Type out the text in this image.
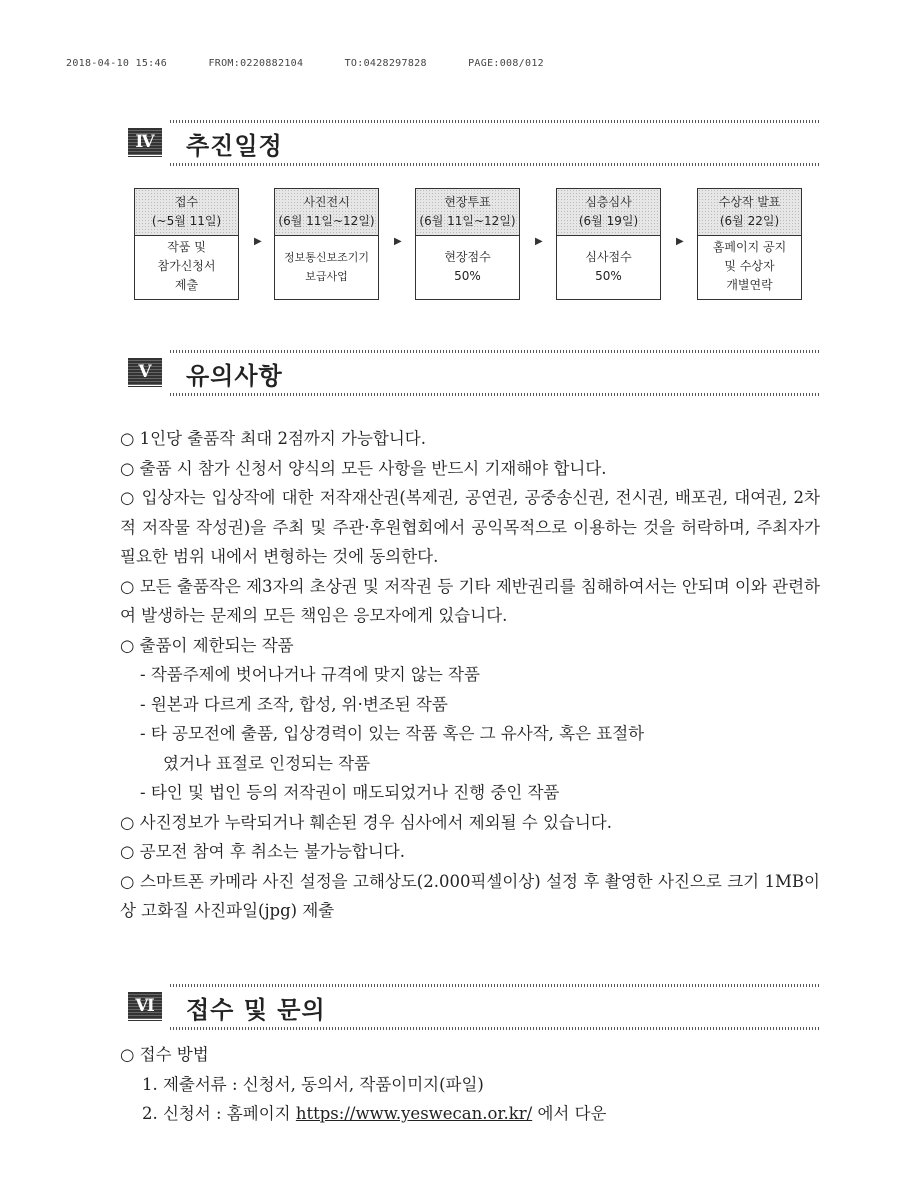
2018-04-10 15:46	FROM:0220882104	TO:0428297828	PAGE:008/012
Ⅳ	추진일정
접수
(~5월 11일)
작품 및
참가신청서
제출
▶
사진전시
(6월 11일~12일)
정보통신보조기기
보급사업
▶
현장투표
(6월 11일~12일)
현장점수
50%
▶
심층심사
(6월 19일)
심사점수
50%
▶
수상작 발표
(6월 22일)
홈페이지 공지
및 수상자
개별연락
Ⅴ	유의사항

○ 1인당 출품작 최대 2점까지 가능합니다.

○ 출품 시 참가 신청서 양식의 모든 사항을 반드시 기재해야 합니다.

○ 입상자는 입상작에 대한 저작재산권(복제권, 공연권, 공중송신권, 전시권, 배포권, 대여권, 2차적 저작물 작성권)을 주최 및 주관·후원협회에서 공익목적으로 이용하는 것을 허락하며, 주최자가 필요한 범위 내에서 변형하는 것에 동의한다.

○ 모든 출품작은 제3자의 초상권 및 저작권 등 기타 제반권리를 침해하여서는 안되며 이와 관련하여 발생하는 문제의 모든 책임은 응모자에게 있습니다.

○ 출품이 제한되는 작품

- 작품주제에 벗어나거나 규격에 맞지 않는 작품

- 원본과 다르게 조작, 합성, 위·변조된 작품

- 타 공모전에 출품, 입상경력이 있는 작품 혹은 그 유사작, 혹은 표절하

였거나 표절로 인정되는 작품

- 타인 및 법인 등의 저작권이 매도되었거나 진행 중인 작품

○ 사진정보가 누락되거나 훼손된 경우 심사에서 제외될 수 있습니다.

○ 공모전 참여 후 취소는 불가능합니다.

○ 스마트폰 카메라 사진 설정을 고해상도(2.000픽셀이상) 설정 후 촬영한 사진으로 크기 1MB이상 고화질 사진파일(jpg) 제출

Ⅵ	접수 및 문의

○ 접수 방법

1. 제출서류 : 신청서, 동의서, 작품이미지(파일)

2. 신청서 : 홈페이지 https://www.yeswecan.or.kr/ 에서 다운
